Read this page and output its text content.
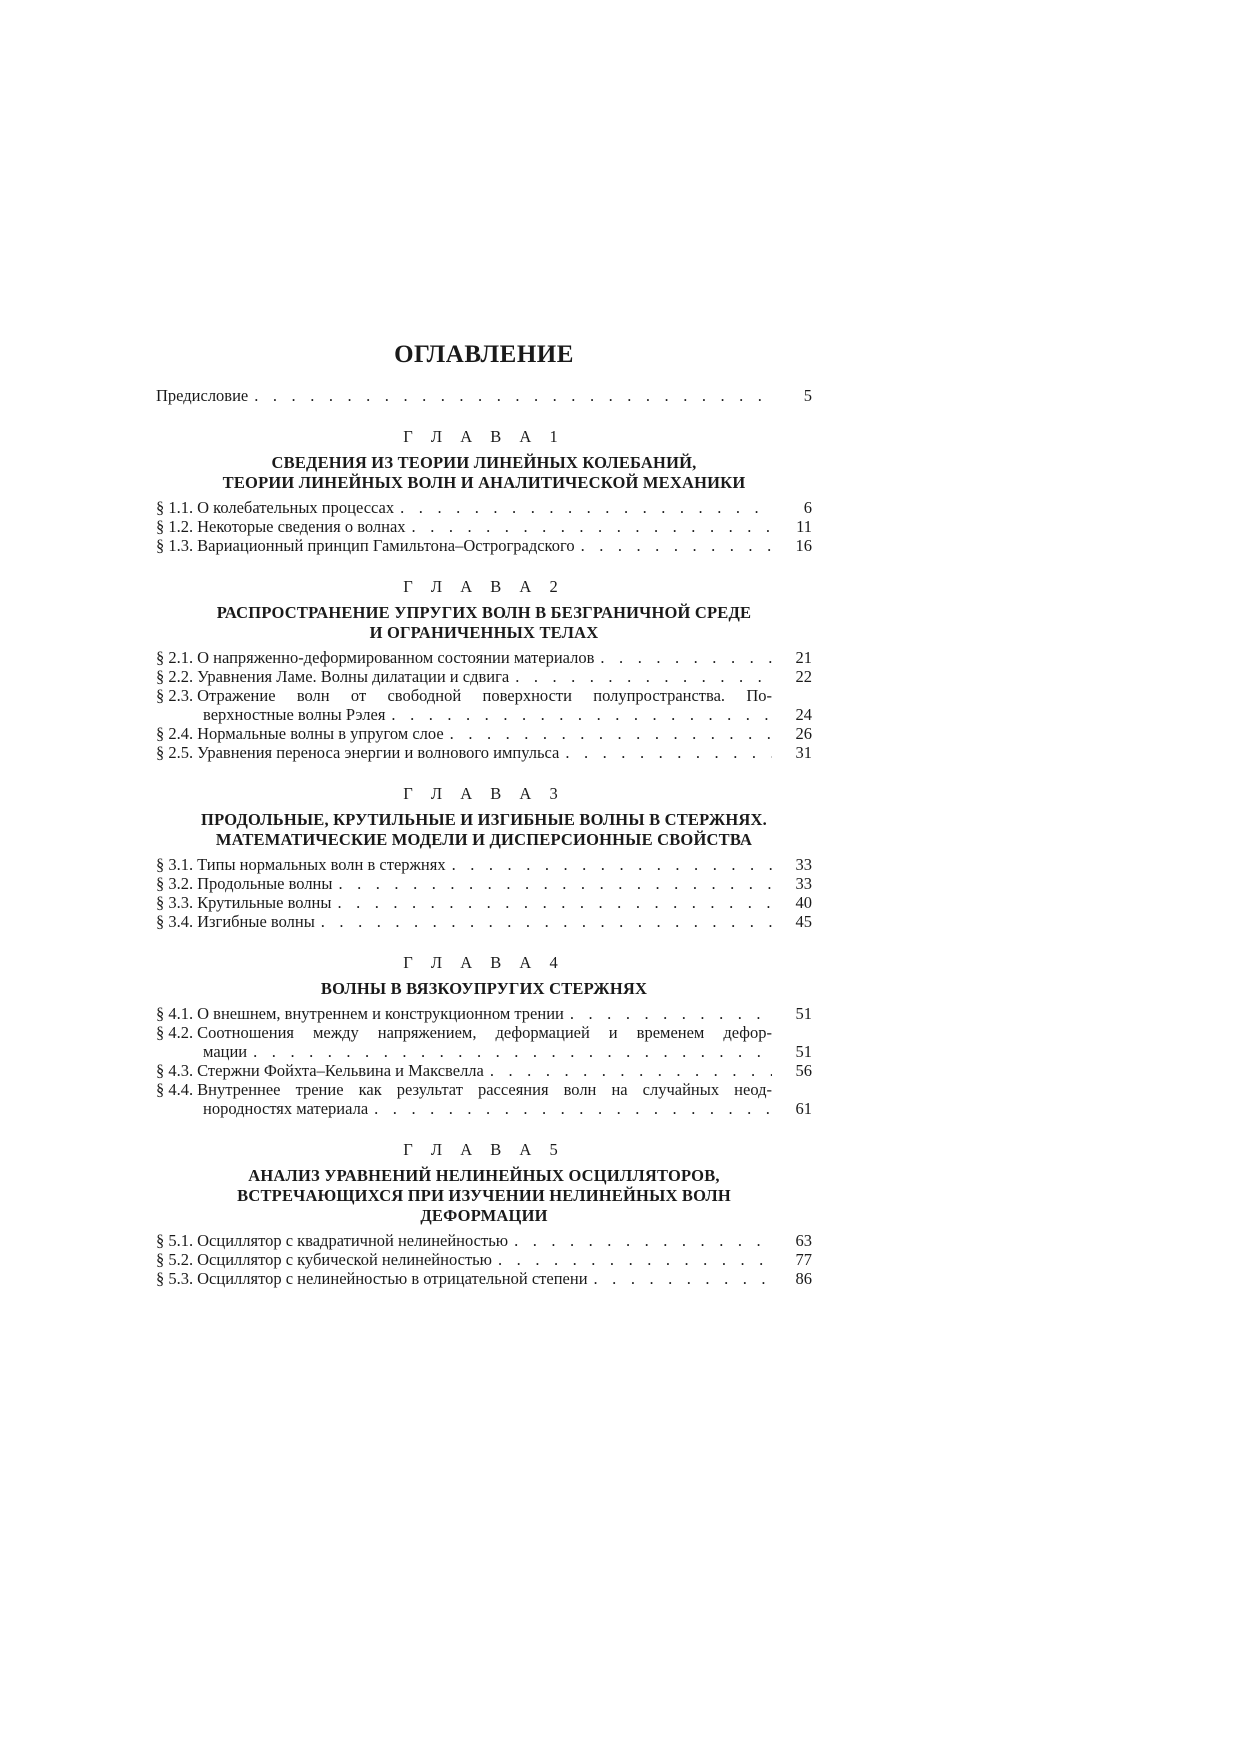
ОГЛАВЛЕНИЕ
Предисловие . . .	5
Г Л А В А 1
СВЕДЕНИЯ ИЗ ТЕОРИИ ЛИНЕЙНЫХ КОЛЕБАНИЙ,
ТЕОРИИ ЛИНЕЙНЫХ ВОЛН И АНАЛИТИЧЕСКОЙ МЕХАНИКИ
§ 1.1. О колебательных процессах . . .	6
§ 1.2. Некоторые сведения о волнах . . .	11
§ 1.3. Вариационный принцип Гамильтона–Остроградского . . .	16
Г Л А В А 2
РАСПРОСТРАНЕНИЕ УПРУГИХ ВОЛН В БЕЗГРАНИЧНОЙ СРЕДЕ
И ОГРАНИЧЕННЫХ ТЕЛАХ
§ 2.1. О напряженно-деформированном состоянии материалов . . .	21
§ 2.2. Уравнения Ламе. Волны дилатации и сдвига . . .	22
§ 2.3. Отражение волн от свободной поверхности полупространства. По-
верхностные волны Рэлея . . .	24
§ 2.4. Нормальные волны в упругом слое . . .	26
§ 2.5. Уравнения переноса энергии и волнового импульса . . .	31
Г Л А В А 3
ПРОДОЛЬНЫЕ, КРУТИЛЬНЫЕ И ИЗГИБНЫЕ ВОЛНЫ В СТЕРЖНЯХ.
МАТЕМАТИЧЕСКИЕ МОДЕЛИ И ДИСПЕРСИОННЫЕ СВОЙСТВА
§ 3.1. Типы нормальных волн в стержнях . . .	33
§ 3.2. Продольные волны . . .	33
§ 3.3. Крутильные волны . . .	40
§ 3.4. Изгибные волны . . .	45
Г Л А В А 4
ВОЛНЫ В ВЯЗКОУПРУГИХ СТЕРЖНЯХ
§ 4.1. О внешнем, внутреннем и конструкционном трении . . .	51
§ 4.2. Соотношения между напряжением, деформацией и временем дефор-
мации . . .	51
§ 4.3. Стержни Фойхта–Кельвина и Максвелла . . .	56
§ 4.4. Внутреннее трение как результат рассеяния волн на случайных неод-
нородностях материала . . .	61
Г Л А В А 5
АНАЛИЗ УРАВНЕНИЙ НЕЛИНЕЙНЫХ ОСЦИЛЛЯТОРОВ,
ВСТРЕЧАЮЩИХСЯ ПРИ ИЗУЧЕНИИ НЕЛИНЕЙНЫХ ВОЛН
ДЕФОРМАЦИИ
§ 5.1. Осциллятор с квадратичной нелинейностью . . .	63
§ 5.2. Осциллятор с кубической нелинейностью . . .	77
§ 5.3. Осциллятор с нелинейностью в отрицательной степени . . .	86
